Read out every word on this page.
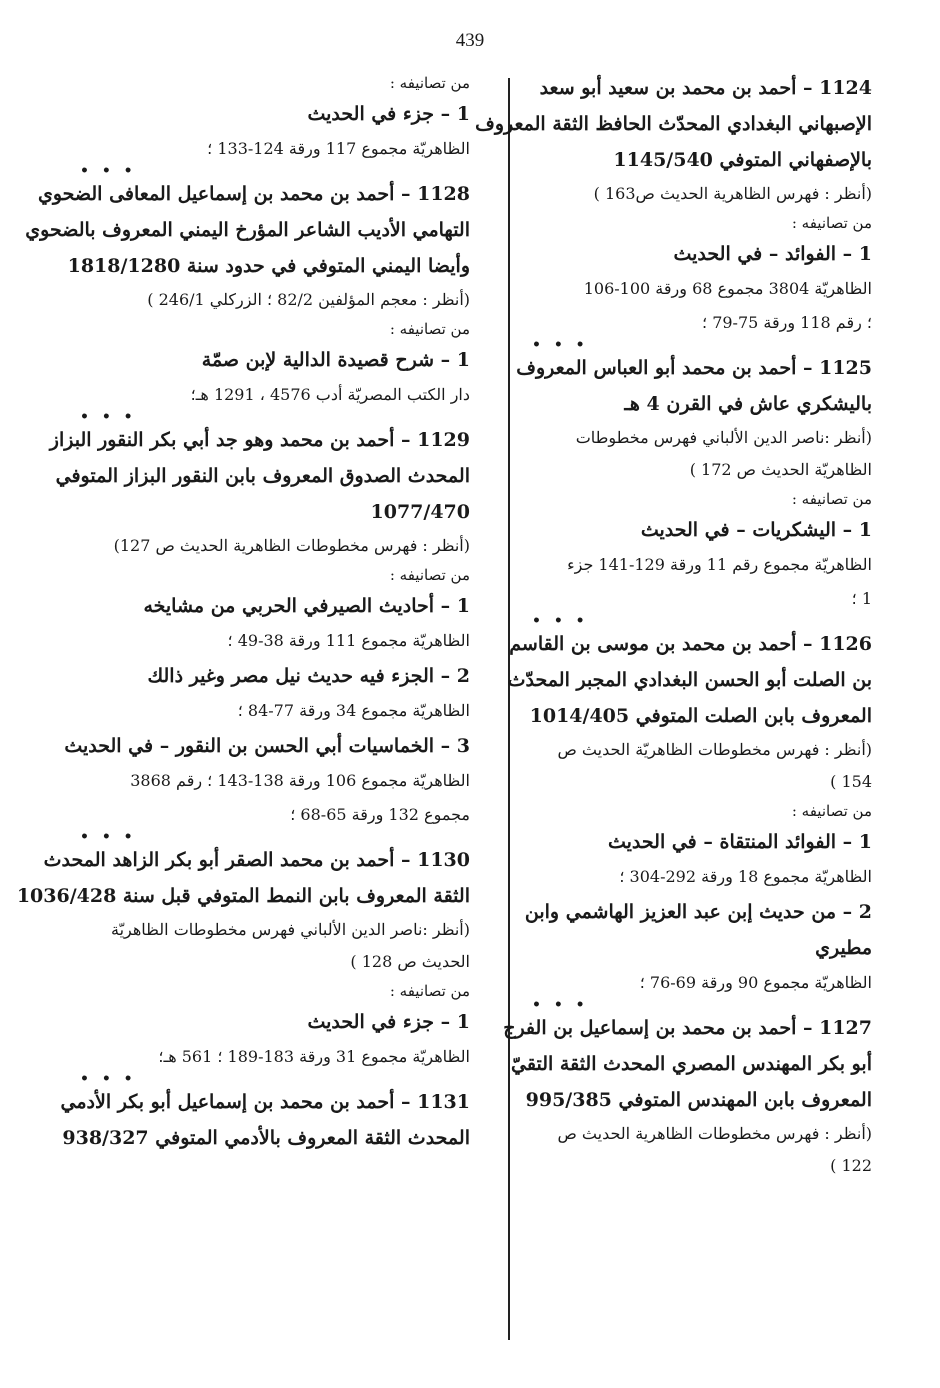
439
1124 – أحمد بن محمد بن سعيد أبو سعد
الإصبهاني البغدادي المحدّث الحافظ الثقة المعروف
بالإصفهاني المتوفي 1145/540
(أنظر : فهرس الظاهرية الحديث ص163 )
من تصانيفه :
1 – الفوائد – في الحديث
الظاهريّة 3804 مجموع 68 ورقة 100-106
؛ رقم 118 ورقة 75-79 ؛
• • •
1125 – أحمد بن محمد أبو العباس المعروف
باليشكري عاش في القرن 4 هـ
(أنظر :ناصر الدين الألباني فهرس مخطوطات
الظاهريّة الحديث ص 172 )
من تصانيفه :
1 – اليشكريات – في الحديث
الظاهريّة مجموع رقم 11 ورقة 129-141 جزء
1 ؛
• • •
1126 – أحمد بن محمد بن موسى بن القاسم
بن الصلت أبو الحسن البغدادي المجبر المحدّث
المعروف بابن الصلت المتوفي 1014/405
(أنظر : فهرس مخطوطات الظاهريّة الحديث ص
154 )
من تصانيفه :
1 – الفوائد المنتقاة – في الحديث
الظاهريّة مجموع 18 ورقة 292-304 ؛
2 – من حديث إبن عبد العزيز الهاشمي وابن
مطيري
الظاهريّة مجموع 90 ورقة 69-76 ؛
• • •
1127 – أحمد بن محمد بن إسماعيل بن الفرج
أبو بكر المهندس المصري المحدث الثقة التقيّ
المعروف بابن المهندس المتوفي 995/385
(أنظر : فهرس مخطوطات الظاهرية الحديث ص
122 )
من تصانيفه :
1 – جزء في الحديث
الظاهريّة مجموع 117 ورقة 124-133 ؛
• • •
1128 – أحمد بن محمد بن إسماعيل المعافى الضحوي
التهامي الأديب الشاعر المؤرخ اليمني المعروف بالضحوي
وأيضا اليمني المتوفي في حدود سنة 1818/1280
(أنظر : معجم المؤلفين 82/2 ؛ الزركلي 246/1 )
من تصانيفه :
1 – شرح قصيدة الدالية لإبن صمّة
دار الكتب المصريّة أدب 4576 ، 1291 هـ؛
• • •
1129 – أحمد بن محمد وهو جد أبي بكر النقور البزاز
المحدث الصدوق المعروف بابن النقور البزاز المتوفي
1077/470
(أنظر : فهرس مخطوطات الظاهرية الحديث ص 127)
من تصانيفه :
1 – أحاديث الصيرفي الحربي من مشايخه
الظاهريّة مجموع 111 ورقة 38-49 ؛
2 – الجزء فيه حديث نيل مصر وغير ذالك
الظاهريّة مجموع 34 ورقة 77-84 ؛
3 – الخماسيات أبي الحسن بن النقور – في الحديث
الظاهريّة مجموع 106 ورقة 138-143 ؛ رقم 3868
مجموع 132 ورقة 65-68 ؛
• • •
1130 – أحمد بن محمد الصقر أبو بكر الزاهد المحدث
الثقة المعروف بابن النمط المتوفي قبل سنة 1036/428
(أنظر :ناصر الدين الألباني فهرس مخطوطات الظاهريّة
الحديث ص 128 )
من تصانيفه :
1 – جزء في الحديث
الظاهريّة مجموع 31 ورقة 183-189 ؛ 561 هـ؛
• • •
1131 – أحمد بن محمد بن إسماعيل أبو بكر الأدمي
المحدث الثقة المعروف بالأدمي المتوفي 938/327
